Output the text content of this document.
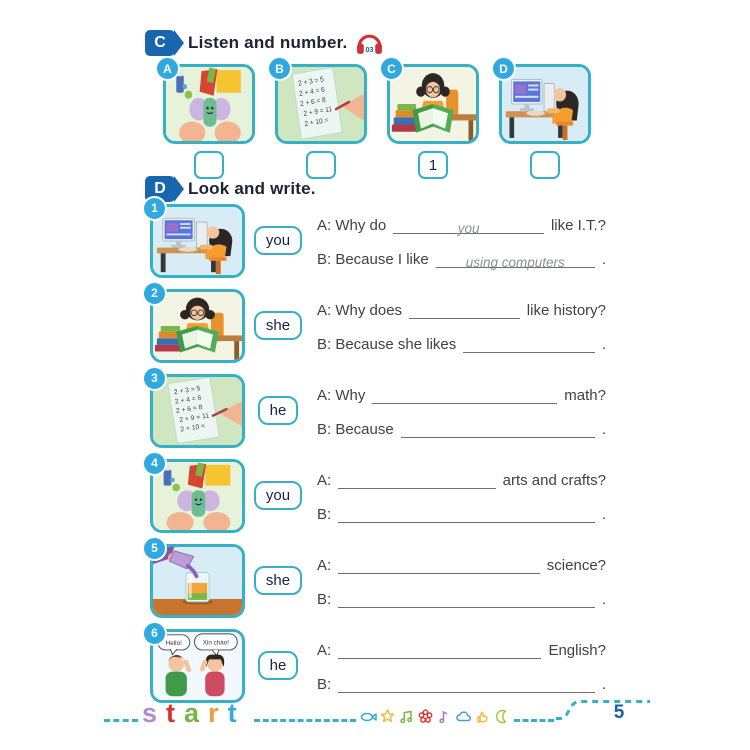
C	Listen and number.	03
A	B	C
1
D
D	Look and write.
1
you
A: Why do	you	like I.T.?
B: Because I like	using computers	.
2
she
A: Why does	like history?
B: Because she likes	.
3
he
A: Why	math?
B: Because	.
4
you
A:	arts and crafts?
B:	.
5
she
A:	science?
B:	.
6
he
A:	English?
B:	.
start	5
